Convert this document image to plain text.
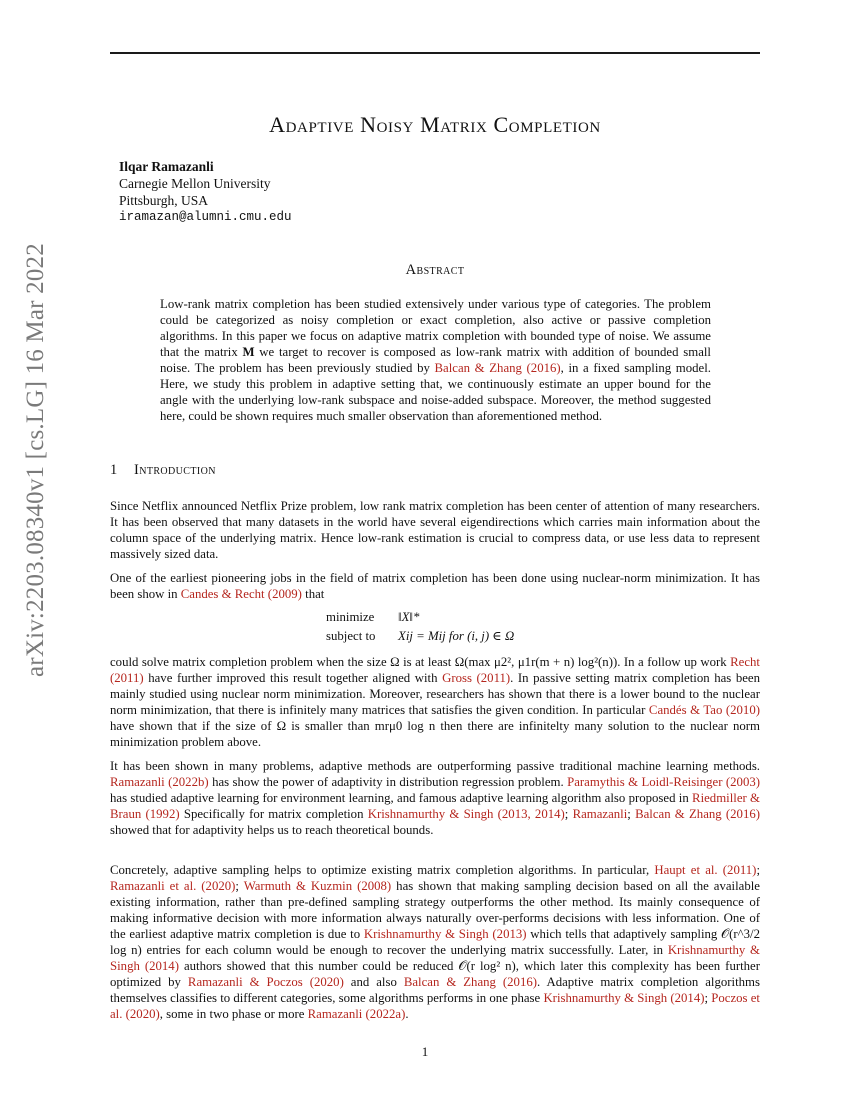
arXiv:2203.08340v1 [cs.LG] 16 Mar 2022
Adaptive Noisy Matrix Completion
Ilqar Ramazanli
Carnegie Mellon University
Pittsburgh, USA
iramazan@alumni.cmu.edu
Abstract
Low-rank matrix completion has been studied extensively under various type of categories. The problem could be categorized as noisy completion or exact completion, also active or passive completion algorithms. In this paper we focus on adaptive matrix completion with bounded type of noise. We assume that the matrix M we target to recover is composed as low-rank matrix with addition of bounded small noise. The problem has been previously studied by Balcan & Zhang (2016), in a fixed sampling model. Here, we study this problem in adaptive setting that, we continuously estimate an upper bound for the angle with the underlying low-rank subspace and noise-added subspace. Moreover, the method suggested here, could be shown requires much smaller observation than aforementioned method.
1 Introduction
Since Netflix announced Netflix Prize problem, low rank matrix completion has been center of attention of many researchers. It has been observed that many datasets in the world have several eigendirections which carries main information about the column space of the underlying matrix. Hence low-rank estimation is crucial to compress data, or use less data to represent massively sized data.
One of the earliest pioneering jobs in the field of matrix completion has been done using nuclear-norm minimization. It has been show in Candes & Recht (2009) that
minimize ‖X‖*
subject to Xij = Mij for (i, j) ∈ Ω
could solve matrix completion problem when the size Ω is at least Ω(max μ2², μ1r(m + n) log²(n)). In a follow up work Recht (2011) have further improved this result together aligned with Gross (2011). In passive setting matrix completion has been mainly studied using nuclear norm minimization. Moreover, researchers has shown that there is a lower bound to the nuclear norm minimization, that there is infinitely many matrices that satisfies the given condition. In particular Candés & Tao (2010) have shown that if the size of Ω is smaller than mrμ0 log n then there are infinitelty many solution to the nuclear norm minimization problem above.
It has been shown in many problems, adaptive methods are outperforming passive traditional machine learning methods. Ramazanli (2022b) has show the power of adaptivity in distribution regression problem. Paramythis & Loidl-Reisinger (2003) has studied adaptive learning for environment learning, and famous adaptive learning algorithm also proposed in Riedmiller & Braun (1992) Specifically for matrix completion Krishnamurthy & Singh (2013, 2014); Ramazanli; Balcan & Zhang (2016) showed that for adaptivity helps us to reach theoretical bounds.
Concretely, adaptive sampling helps to optimize existing matrix completion algorithms. In particular, Haupt et al. (2011); Ramazanli et al. (2020); Warmuth & Kuzmin (2008) has shown that making sampling decision based on all the available existing information, rather than pre-defined sampling strategy outperforms the other method. Its mainly consequence of making informative decision with more information always naturally over-performs decisions with less information. One of the earliest adaptive matrix completion is due to Krishnamurthy & Singh (2013) which tells that adaptively sampling 𝒪(r^3/2 log n) entries for each column would be enough to recover the underlying matrix successfully. Later, in Krishnamurthy & Singh (2014) authors showed that this number could be reduced 𝒪(r log² n), which later this complexity has been further optimized by Ramazanli & Poczos (2020) and also Balcan & Zhang (2016). Adaptive matrix completion algorithms themselves classifies to different categories, some algorithms performs in one phase Krishnamurthy & Singh (2014); Poczos et al. (2020), some in two phase or more Ramazanli (2022a).
1
